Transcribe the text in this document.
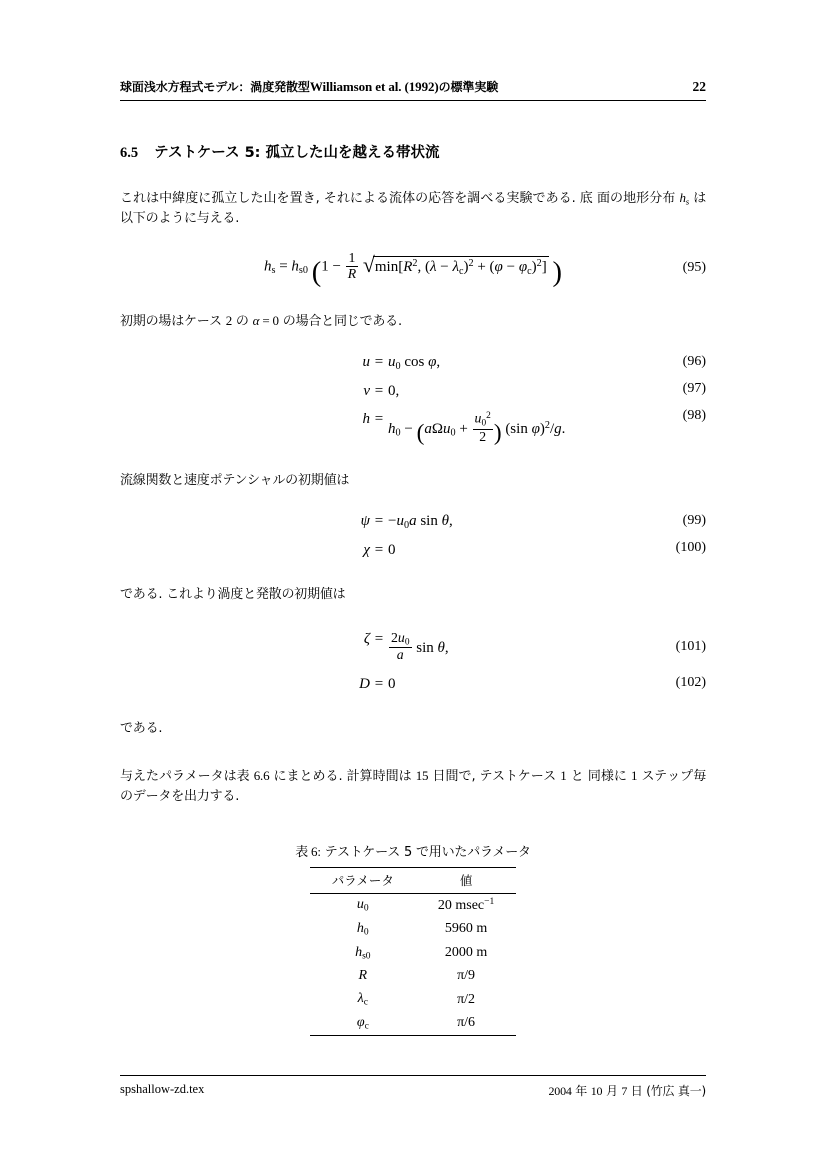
球面浅水方程式モデル：渦度発散型Williamson et al. (1992)の標準実験	22
6.5 テストケース 5: 孤立した山を越える帯状流

これは中緯度に孤立した山を置き, それによる流体の応答を調べる実験である. 底 面の地形分布 $h_s$ は以下のように与える.

$h_s = h_{s0}$ ($1 - \frac{1}{R}$
√ $\min[R^2$, $(\lambda - \lambda_c)^2 + (\varphi - \varphi_c)^2$] )	(95)

初期の場はケース 2 の α = 0 の場合と同じである.

$u = u_0$ cos φ,
v = 0,
h =
$h_0 - (a\Omega u_0 + \frac{u_0^2}{2}$ ) (sin φ)$^2$/g.
(96)
(97)
(98)

流線関数と速度ポテンシャルの初期値は

$\psi = -u_0a$ sin θ,
χ = 0
(99)
(100)

である. これより渦度と発散の初期値は

$\zeta = \frac{2u_0}{a}$ sin θ,
D = 0
(101)
(102)

である.

与えたパラメータは表 6.6 にまとめる. 計算時間は 15 日間で, テストケース 1 と 同様に 1 ステップ毎のデータを出力する.

表 6: テストケース 5 で用いたパラメータ
パラメータ	値
$u_0$	20 msec$^{-1}$
$h_0$	5960 m
$h_{s0}$	2000 m
R	π/9
$\lambda_c$	π/2
$\varphi_c$	π/6
spshallow-zd.tex	2004 年 10 月 7 日 (竹広 真一)
